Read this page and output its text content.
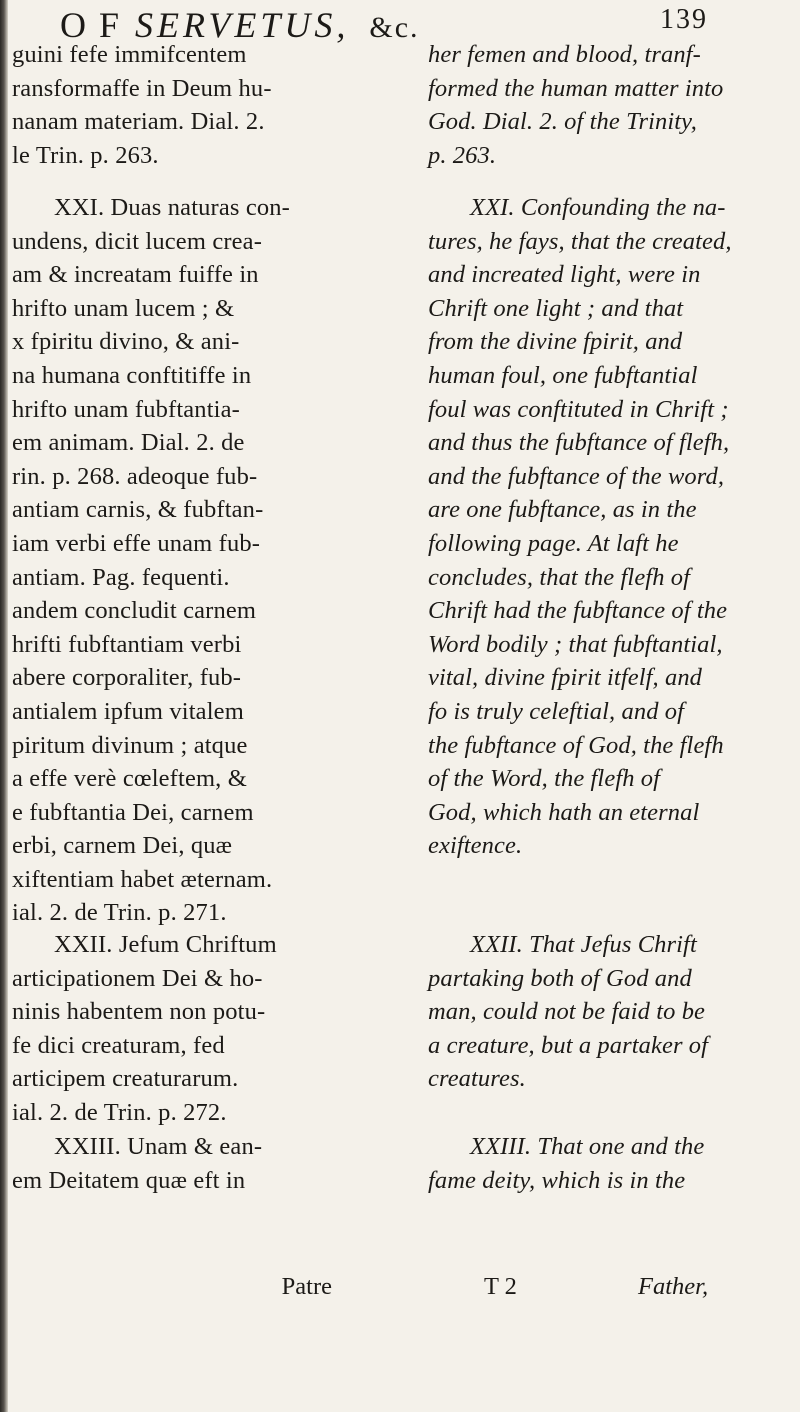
O F SERVETUS, &c.	139
guini fefe immifcentem
ransformaffe in Deum hu-
nanam materiam. Dial. 2.
le Trin. p. 263.
XXI. Duas naturas con-
undens, dicit lucem crea-
am & increatam fuiffe in
hrifto unam lucem ; &
x fpiritu divino, & ani-
na humana conftitiffe in
hrifto unam fubftantia-
em animam. Dial. 2. de
rin. p. 268. adeoque fub-
antiam carnis, & fubftan-
iam verbi effe unam fub-
antiam. Pag. fequenti.
andem concludit carnem
hrifti fubftantiam verbi
abere corporaliter, fub-
antialem ipfum vitalem
piritum divinum ; atque
a effe verè cœleftem, &
e fubftantia Dei, carnem
erbi, carnem Dei, quæ
xiftentiam habet æternam.
ial. 2. de Trin. p. 271.
XXII. Jefum Chriftum
articipationem Dei & ho-
ninis habentem non potu-
fe dici creaturam, fed
articipem creaturarum.
ial. 2. de Trin. p. 272.
XXIII. Unam & ean-
em Deitatem quæ eft in
Patre
her femen and blood, tranf-
formed the human matter into
God. Dial. 2. of the Trinity,
p. 263.
XXI. Confounding the na-
tures, he fays, that the created,
and increated light, were in
Chrift one light ; and that
from the divine fpirit, and
human foul, one fubftantial
foul was conftituted in Chrift ;
and thus the fubftance of flefh,
and the fubftance of the word,
are one fubftance, as in the
following page. At laft he
concludes, that the flefh of
Chrift had the fubftance of the
Word bodily ; that fubftantial,
vital, divine fpirit itfelf, and
fo is truly celeftial, and of
the fubftance of God, the flefh
of the Word, the flefh of
God, which hath an eternal
exiftence.
XXII. That Jefus Chrift
partaking both of God and
man, could not be faid to be
a creature, but a partaker of
creatures.
XXIII. That one and the
fame deity, which is in the
T 2	Father,
